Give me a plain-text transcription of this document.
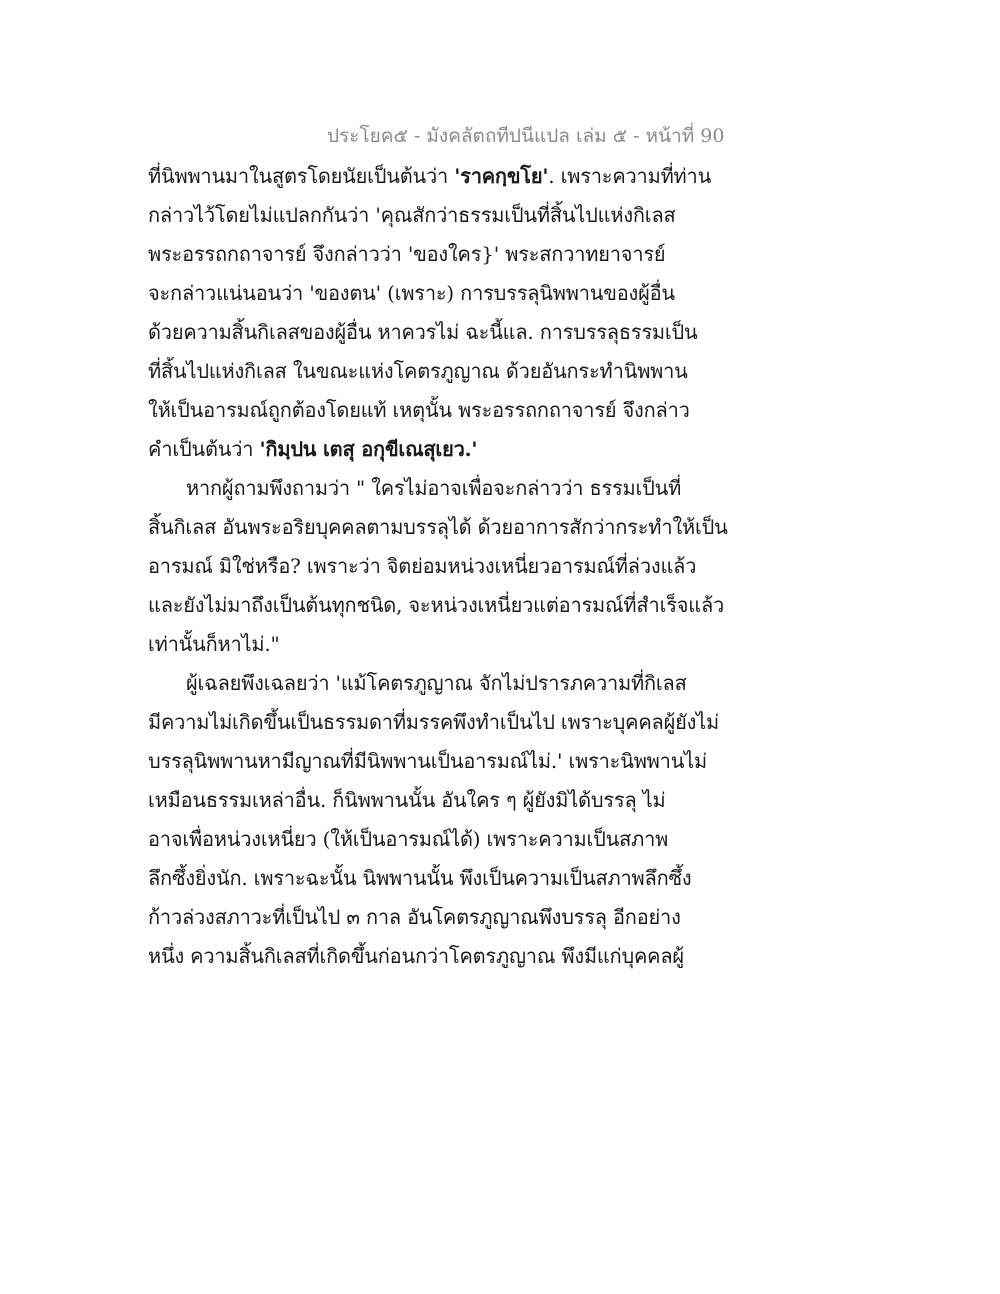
ประโยค๕ - มังคลัตถทีปนีแปล เล่ม ๕ - หน้าที่ 90
ที่นิพพานมาในสูตรโดยนัยเป็นต้นว่า 'ราคกฺขโย'. เพราะความที่ท่าน
กล่าวไว้โดยไม่แปลกกันว่า 'คุณสักว่าธรรมเป็นที่สิ้นไปแห่งกิเลส
พระอรรถกถาจารย์ จึงกล่าวว่า 'ของใคร}' พระสกวาทยาจารย์
จะกล่าวแน่นอนว่า 'ของตน' (เพราะ) การบรรลุนิพพานของผู้อื่น
ด้วยความสิ้นกิเลสของผู้อื่น หาควรไม่ ฉะนี้แล. การบรรลุธรรมเป็น
ที่สิ้นไปแห่งกิเลส ในขณะแห่งโคตรภูญาณ ด้วยอันกระทำนิพพาน
ให้เป็นอารมณ์ถูกต้องโดยแท้ เหตุนั้น พระอรรถกถาจารย์ จึงกล่าว
คำเป็นต้นว่า 'กิมฺปน เตสุ อกุขีเณสุเยว.'
หากผู้ถามพึงถามว่า " ใครไม่อาจเพื่อจะกล่าวว่า ธรรมเป็นที่
สิ้นกิเลส อันพระอริยบุคคลตามบรรลุได้ ด้วยอาการสักว่ากระทำให้เป็น
อารมณ์ มิใช่หรือ? เพราะว่า จิตย่อมหน่วงเหนี่ยวอารมณ์ที่ล่วงแล้ว
และยังไม่มาถึงเป็นต้นทุกชนิด, จะหน่วงเหนี่ยวแต่อารมณ์ที่สำเร็จแล้ว
เท่านั้นก็หาไม่."
ผู้เฉลยพึงเฉลยว่า 'แม้โคตรภูญาณ จักไม่ปรารภความที่กิเลส
มีความไม่เกิดขึ้นเป็นธรรมดาที่มรรคพึงทำเป็นไป เพราะบุคคลผู้ยังไม่
บรรลุนิพพานหามีญาณที่มีนิพพานเป็นอารมณ์ไม่.' เพราะนิพพานไม่
เหมือนธรรมเหล่าอื่น. ก็นิพพานนั้น อันใคร ๆ ผู้ยังมิได้บรรลุ ไม่
อาจเพื่อหน่วงเหนี่ยว (ให้เป็นอารมณ์ได้) เพราะความเป็นสภาพ
ลึกซึ้งยิ่งนัก. เพราะฉะนั้น นิพพานนั้น พึงเป็นความเป็นสภาพลึกซึ้ง
ก้าวล่วงสภาวะที่เป็นไป ๓ กาล อันโคตรภูญาณพึงบรรลุ อีกอย่าง
หนึ่ง ความสิ้นกิเลสที่เกิดขึ้นก่อนกว่าโคตรภูญาณ พึงมีแก่บุคคลผู้
